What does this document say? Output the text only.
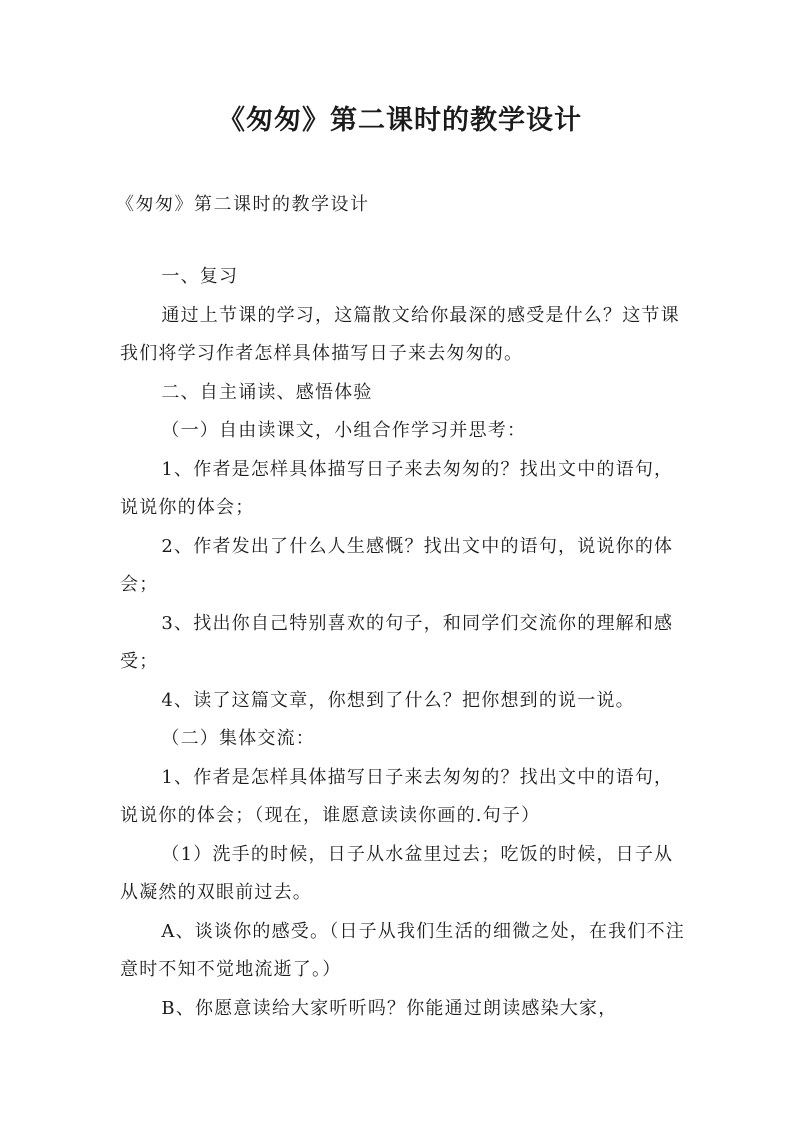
《匆匆》第二课时的教学设计

《匆匆》第二课时的教学设计

一、复习

通过上节课的学习，这篇散文给你最深的感受是什么？这节课我们将学习作者怎样具体描写日子来去匆匆的。

二、自主诵读、感悟体验

（一）自由读课文，小组合作学习并思考：

1、作者是怎样具体描写日子来去匆匆的？找出文中的语句，说说你的体会；

2、作者发出了什么人生感慨？找出文中的语句，说说你的体会；

3、找出你自己特别喜欢的句子，和同学们交流你的理解和感受；

4、读了这篇文章，你想到了什么？把你想到的说一说。

（二）集体交流：

1、作者是怎样具体描写日子来去匆匆的？找出文中的语句，说说你的体会；（现在，谁愿意读读你画的.句子）

（1）洗手的时候，日子从水盆里过去；吃饭的时候，日子从从凝然的双眼前过去。

A、谈谈你的感受。（日子从我们生活的细微之处，在我们不注意时不知不觉地流逝了。）

B、你愿意读给大家听听吗？你能通过朗读感染大家，
